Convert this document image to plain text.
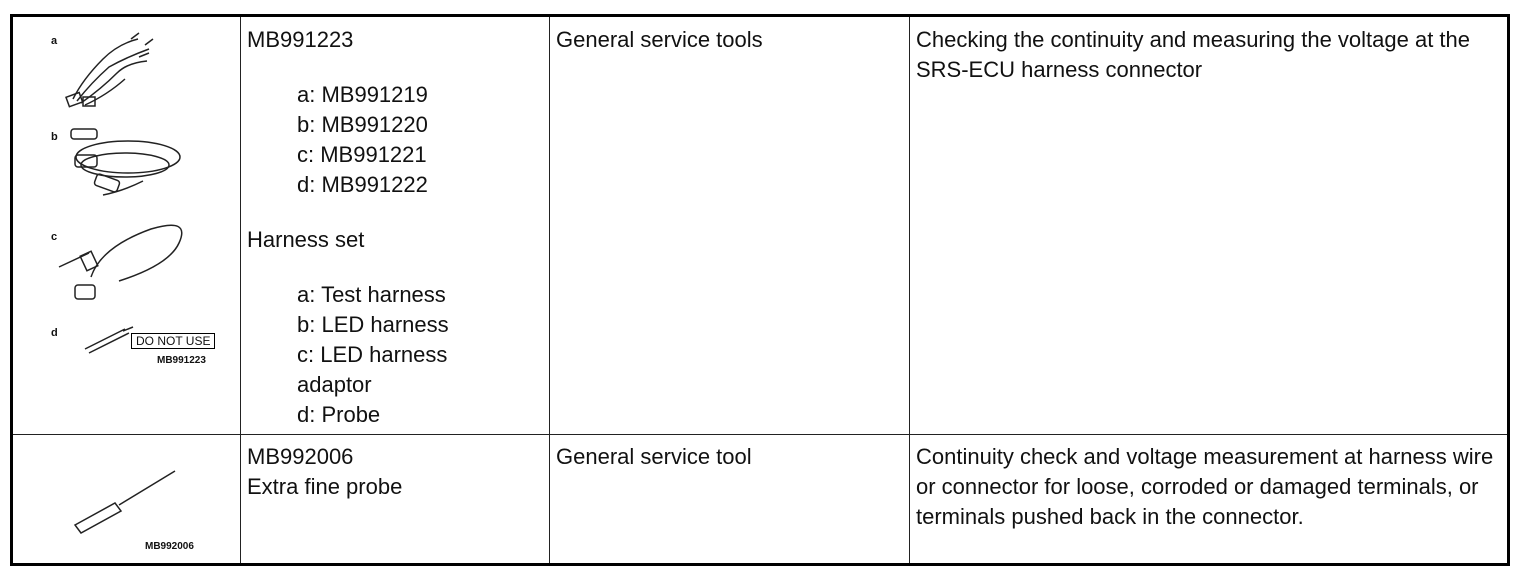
a
b
c
d
DO NOT USE
MB991223
MB991223
a: MB991219
b: MB991220
c: MB991221
d: MB991222
Harness set
a: Test harness
b: LED harness
c: LED harness adaptor
d: Probe
General service tools	Checking the continuity and measuring the voltage at the SRS-ECU harness connector
MB992006
MB992006
Extra fine probe
General service tool	Continuity check and voltage measurement at harness wire or connector for loose, corroded or damaged terminals, or terminals pushed back in the connector.
